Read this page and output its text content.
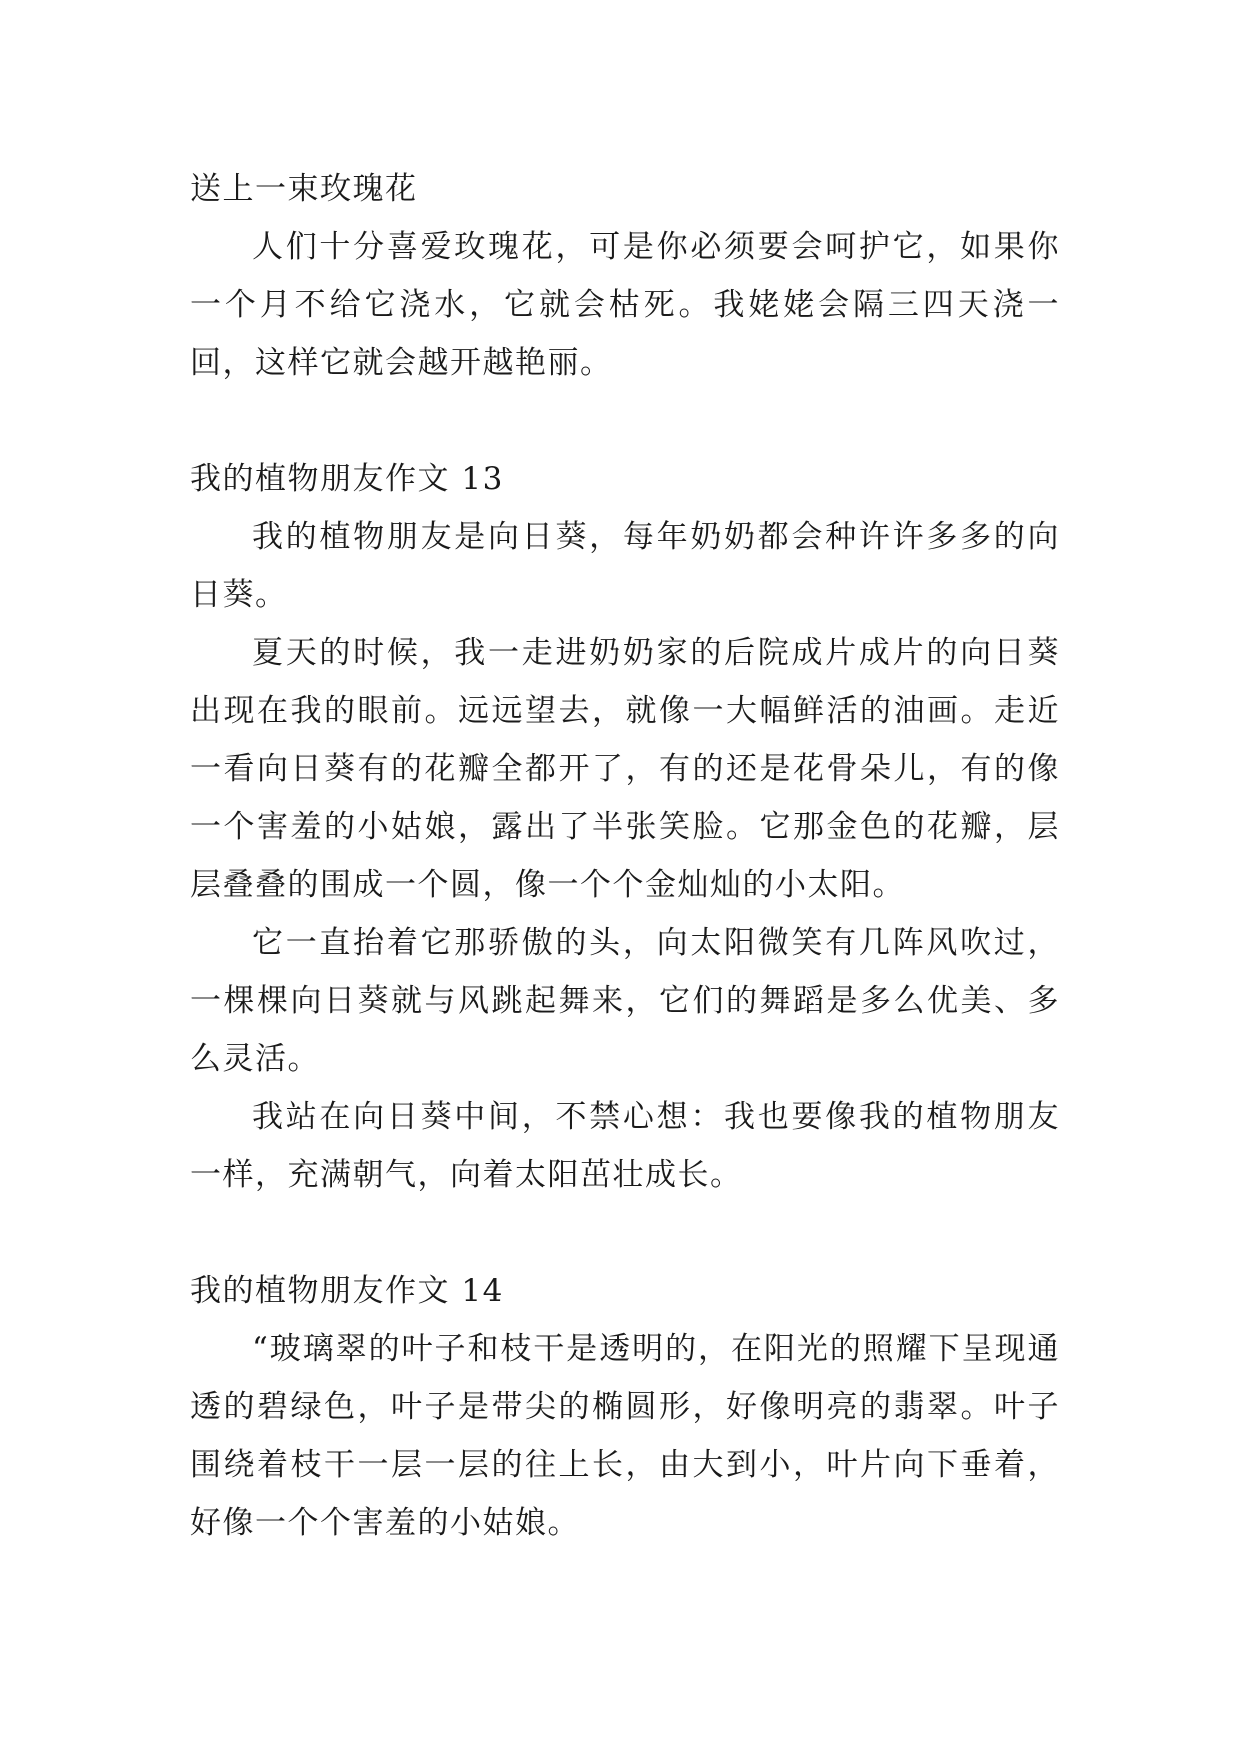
送上一束玫瑰花

人们十分喜爱玫瑰花，可是你必须要会呵护它，如果你一个月不给它浇水，它就会枯死。我姥姥会隔三四天浇一回，这样它就会越开越艳丽。

我的植物朋友作文 13

我的植物朋友是向日葵，每年奶奶都会种许许多多的向日葵。

夏天的时候，我一走进奶奶家的后院成片成片的向日葵出现在我的眼前。远远望去，就像一大幅鲜活的油画。走近一看向日葵有的花瓣全都开了，有的还是花骨朵儿，有的像一个害羞的小姑娘，露出了半张笑脸。它那金色的花瓣，层层叠叠的围成一个圆，像一个个金灿灿的小太阳。

它一直抬着它那骄傲的头，向太阳微笑有几阵风吹过，一棵棵向日葵就与风跳起舞来，它们的舞蹈是多么优美、多么灵活。

我站在向日葵中间，不禁心想：我也要像我的植物朋友一样，充满朝气，向着太阳茁壮成长。

我的植物朋友作文 14

“玻璃翠的叶子和枝干是透明的，在阳光的照耀下呈现通透的碧绿色，叶子是带尖的椭圆形，好像明亮的翡翠。叶子围绕着枝干一层一层的往上长，由大到小，叶片向下垂着，好像一个个害羞的小姑娘。
